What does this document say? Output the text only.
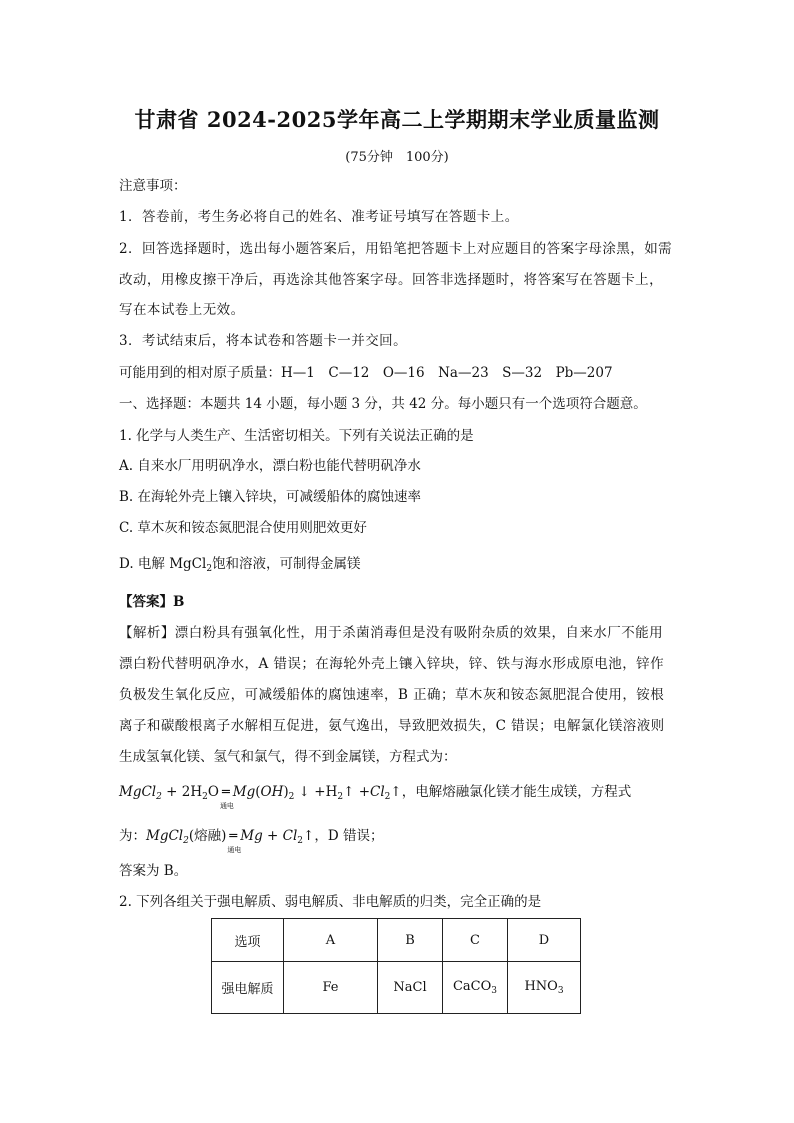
甘肃省 2024-2025学年高二上学期期末学业质量监测
(75分钟　100分)
注意事项：
1．答卷前，考生务必将自己的姓名、准考证号填写在答题卡上。
2．回答选择题时，选出每小题答案后，用铅笔把答题卡上对应题目的答案字母涂黑，如需
改动，用橡皮擦干净后，再选涂其他答案字母。回答非选择题时，将答案写在答题卡上，
写在本试卷上无效。
3．考试结束后，将本试卷和答题卡一并交回。
可能用到的相对原子质量：H—1　C—12　O—16　Na—23　S—32　Pb—207
一、选择题：本题共 14 小题，每小题 3 分，共 42 分。每小题只有一个选项符合题意。
1. 化学与人类生产、生活密切相关。下列有关说法正确的是
A. 自来水厂用明矾净水，漂白粉也能代替明矾净水
B. 在海轮外壳上镶入锌块，可减缓船体的腐蚀速率
C. 草木灰和铵态氮肥混合使用则肥效更好
D. 电解 MgCl$_2$饱和溶液，可制得金属镁
【答案】B
【解析】漂白粉具有强氧化性，用于杀菌消毒但是没有吸附杂质的效果，自来水厂不能用
漂白粉代替明矾净水，A 错误；在海轮外壳上镶入锌块，锌、铁与海水形成原电池，锌作
负极发生氧化反应，可减缓船体的腐蚀速率，B 正确；草木灰和铵态氮肥混合使用，铵根
离子和碳酸根离子水解相互促进，氨气逸出，导致肥效损失，C 错误；电解氯化镁溶液则
生成氢氧化镁、氢气和氯气，得不到金属镁，方程式为：
MgCl$_2$ + $2H_2O$ ═
通电
$Mg(OH)_2$ ↓ $+H_2↑$ $+Cl_2↑$，电解熔融氯化镁才能生成镁，方程式
为：MgCl$_2$(熔融) ═
通电
$Mg + Cl_2↑$，D 错误；
答案为 B。
2. 下列各组关于强电解质、弱电解质、非电解质的归类，完全正确的是
选项	A	B	C	D
强电解质	Fe	NaCl	CaCO$_3$	$HNO_3$
